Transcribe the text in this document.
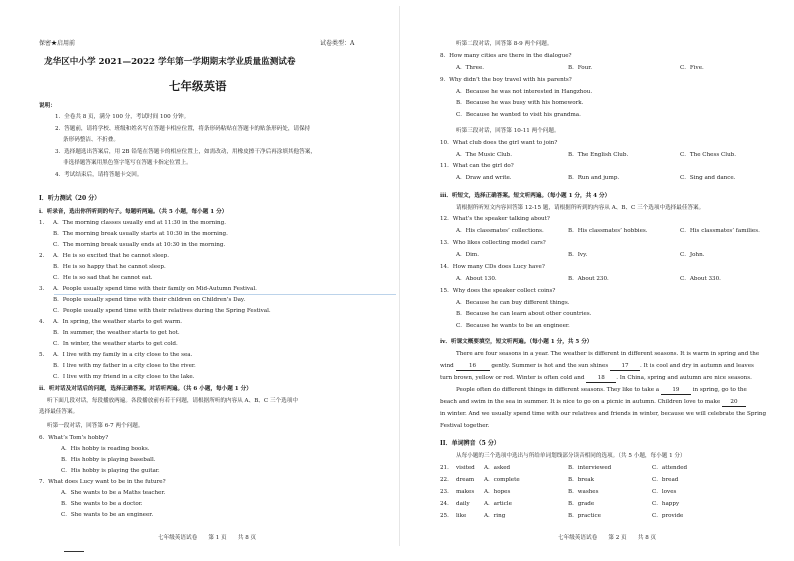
保密★启用前	试卷类型：A
龙华区中小学 2021—2022 学年第一学期期末学业质量监测试卷
七年级英语
说明：
1．全卷共 8 页，满分 100 分，考试时间 100 分钟。
2．答题前，请将学校、班级和姓名写在答题卡相应位置，将条形码粘贴在答题卡的贴条形码处，请保持
条形码整洁、不折叠。
3．选择题选出答案后，用 2B 铅笔在答题卡的相应位置上，如需改动，用橡皮擦干净后再涂填其他答案，
非选择题答案用黑色签字笔写在答题卡指定位置上。
4．考试结束后，请将答题卡交回。
I．听力测试（20 分）
i．听录音，选出你所听到的句子。每题听两遍。（共 5 小题，每小题 1 分）
1． A．The morning classes usually end at 11:30 in the morning.
B．The morning break usually starts at 10:30 in the morning.
C．The morning break usually ends at 10:30 in the morning.
2． A．He is so excited that he cannot sleep.
B．He is so happy that he cannot sleep.
C．He is so sad that he cannot eat.
3． A．People usually spend time with their family on Mid-Autumn Festival.
B．People usually spend time with their children on Children’s Day.
C．People usually spend time with their relatives during the Spring Festival.
4． A．In spring, the weather starts to get warm.
B．In summer, the weather starts to get hot.
C．In winter, the weather starts to get cold.
5． A．I live with my family in a city close to the sea.
B．I live with my father in a city close to the river.
C．I live with my friend in a city close to the lake.
ii．听对话及对话后的问题，选择正确答案。对话听两遍。（共 6 小题，每小题 1 分）
听下面几段对话，每段播放两遍。各段播放前有若干问题，请根据所听的内容从 A、B、C 三个选项中
选择最佳答案。
听第一段对话，回答第 6-7 两个问题。
6．What’s Tom’s hobby?
A．His hobby is reading books.
B．His hobby is playing baseball.
C．His hobby is playing the guitar.
7．What does Lucy want to be in the future?
A．She wants to be a Maths teacher.
B．She wants to be a doctor.
C．She wants to be an engineer.
七年级英语试卷　　第 1 页　　共 8 页
听第二段对话，回答第 8-9 两个问题。
8．How many cities are there in the dialogue?
A．Three.	B．Four.	C．Five.
9．Why didn’t the boy travel with his parents?
A．Because he was not interested in Hangzhou.
B．Because he was busy with his homework.
C．Because he wanted to visit his grandma.
听第三段对话，回答第 10-11 两个问题。
10．What club does the girl want to join?
A．The Music Club.	B．The English Club.	C．The Chess Club.
11．What can the girl do?
A．Draw and write.	B．Run and jump.	C．Sing and dance.
iii．听短文，选择正确答案。短文听两遍。（每小题 1 分，共 4 分）
请根据所听短文内容回答第 12-15 题，请根据所听到的内容从 A、B、C 三个选项中选择最佳答案。
12．What’s the speaker talking about?
A．His classmates’ collections.	B．His classmates’ hobbies.	C．His classmates’ families.
13．Who likes collecting model cars?
A．Dim.	B．Ivy.	C．John.
14．How many CDs does Lucy have?
A．About 130.	B．About 230.	C．About 330.
15．Why does the speaker collect coins?
A．Because he can buy different things.
B．Because he can learn about other countries.
C．Because he wants to be an engineer.
iv．听课文概要填空，短文听两遍。（每小题 1 分，共 5 分）
There are four seasons in a year. The weather is different in different seasons. It is warm in spring and the
wind	16	gently. Summer is hot and the sun shines 17 . It is cool and dry in autumn and leaves
turn brown, yellow or red. Winter is often cold and 18 . In China, spring and autumn are nice seasons.
People often do different things in different seasons. They like to take a 19 in spring, go to the
beach and swim in the sea in summer. It is nice to go on a picnic in autumn. Children love to make 20
in winter. And we usually spend time with our relatives and friends in winter, because we will celebrate the Spring
Festival together.
II．单词辨音（5 分）
从每小题的三个选项中选出与所给单词划线部分读音相同的选项。（共 5 小题，每小题 1 分）
21． visited A．asked	B．interviewed	C．attended
22． dream A．complete	B．break	C．bread
23． makes A．hopes	B．washes	C．loves
24． daily	A．article	B．grade	C．happy
25． like	A．ring	B．practice	C．provide
七年级英语试卷　　第 2 页　　共 8 页
